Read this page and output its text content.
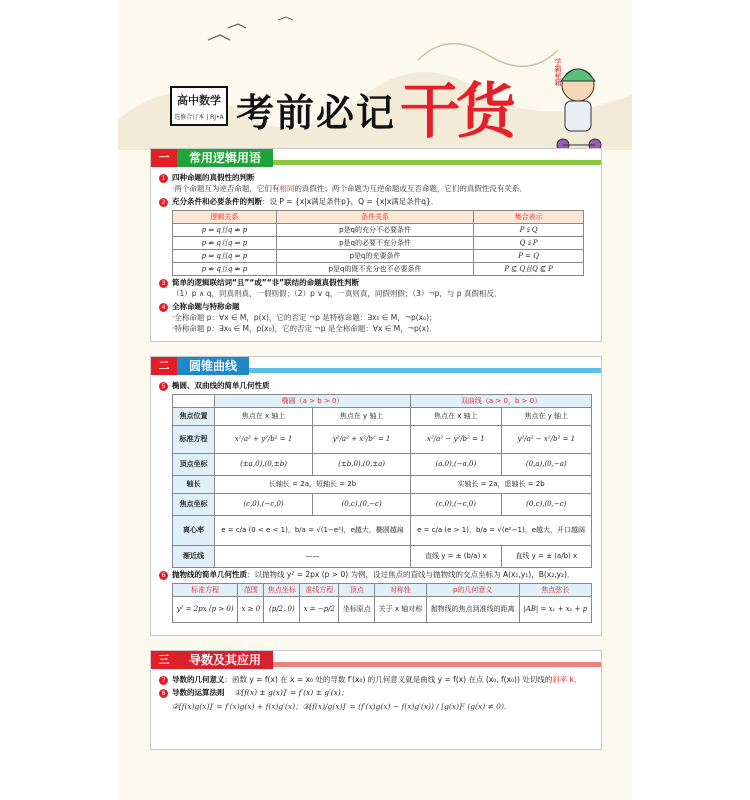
高中数学
选修合订本 | RJ•A 考前必记 干货
学霸秘籍
一	常用逻辑用语
1 四种命题的真假性的判断
·两个命题互为逆否命题，它们有相同的真假性；两个命题为互逆命题或互否命题，它们的真假性没有关系．
2 充分条件和必要条件的判断：设 P = {x|x满足条件p}，Q = {x|x满足条件q}．
逻辑关系	条件关系	集合表示
p ⇒ q且q ⇏ p	p是q的充分不必要条件	P ⫋ Q
p ⇏ q且q ⇒ p	p是q的必要不充分条件	Q ⫋ P
p ⇒ q且q ⇒ p	p是q的充要条件	P = Q
p ⇏ q且q ⇏ p	p是q的既不充分也不必要条件	P ⊈ Q且Q ⊈ P
3 简单的逻辑联结词“且”“或”“非”联结的命题真假性判断
（1）p ∧ q，同真则真，一假则假；（2）p ∨ q，一真则真，同假则假；（3）¬p，与 p 真假相反．
4 全称命题与特称命题
·全称命题 p：∀x ∈ M，p(x)，它的否定 ¬p 是特称命题：∃x₀ ∈ M，¬p(x₀)；
·特称命题 p：∃x₀ ∈ M，p(x₀)，它的否定 ¬p 是全称命题：∀x ∈ M，¬p(x)．
二	圆锥曲线
5 椭圆、双曲线的简单几何性质
	椭圆（a > b > 0）		双曲线（a > 0，b > 0）	
焦点位置	焦点在 x 轴上	焦点在 y 轴上	焦点在 x 轴上	焦点在 y 轴上
标准方程	x²/a² + y²/b² = 1	y²/a² + x²/b² = 1	x²/a² − y²/b² = 1	y²/a² − x²/b² = 1
顶点坐标	(±a,0),(0,±b)	(±b,0),(0,±a)	(a,0),(−a,0)	(0,a),(0,−a)
轴长	长轴长 = 2a，短轴长 = 2b		实轴长 = 2a，虚轴长 = 2b	
焦点坐标	(c,0),(−c,0)	(0,c),(0,−c)	(c,0),(−c,0)	(0,c),(0,−c)
离心率	e = c/a (0 < e < 1)，b/a = √(1−e²)，e越大，椭圆越扁		e = c/a (e > 1)，b/a = √(e²−1)，e越大，开口越阔	
渐近线	——		直线 y = ± (b/a) x	直线 y = ± (a/b) x
6 抛物线的简单几何性质：以抛物线 y² = 2px (p > 0) 为例，设过焦点的直线与抛物线的交点坐标为 A(x₁,y₁)，B(x₂,y₂)．
标准方程	范围	焦点坐标	准线方程	顶点	对称性	p的几何意义	焦点弦长
y² = 2px (p > 0)	x ≥ 0	(p/2, 0)	x = −p/2	坐标原点	关于 x 轴对称	抛物线的焦点到准线的距离	|AB| = x₁ + x₂ + p
三	导数及其应用
7 导数的几何意义：函数 y = f(x) 在 x = x₀ 处的导数 f′(x₀) 的几何意义就是曲线 y = f(x) 在点 (x₀, f(x₀)) 处切线的斜率 k．
8 导数的运算法则 ①[f(x) ± g(x)]′ = f′(x) ± g′(x)；
②[f(x)g(x)]′ = f′(x)g(x) + f(x)g′(x)；③[f(x)/g(x)]′ = (f′(x)g(x) − f(x)g′(x)) / [g(x)]² (g(x) ≠ 0)．
